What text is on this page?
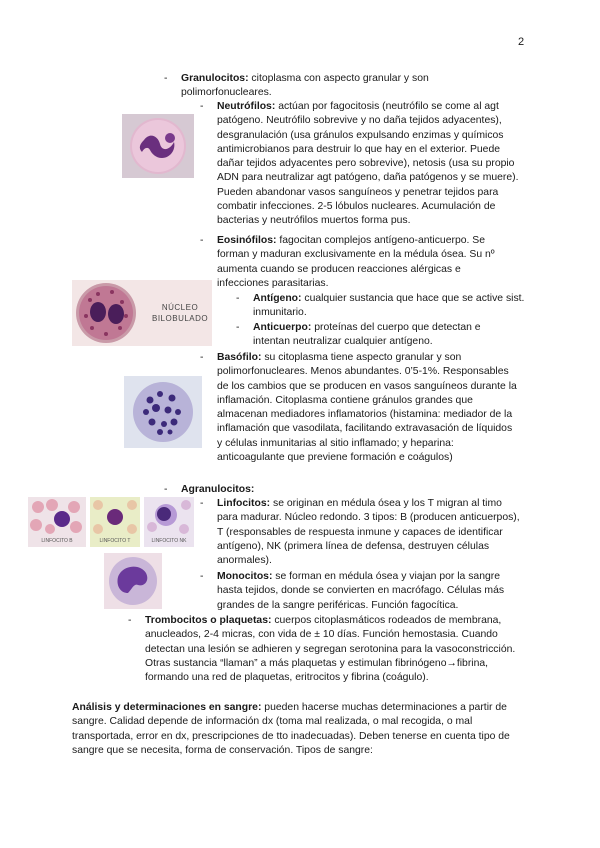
2
- Granulocitos: citoplasma con aspecto granular y son polimorfonucleares.
- Neutrófilos: actúan por fagocitosis (neutrófilo se come al agt patógeno. Neutrófilo sobrevive y no daña tejidos adyacentes), desgranulación (usa gránulos expulsando enzimas y químicos antimicrobianos para destruir lo que hay en el exterior. Puede dañar tejidos adyacentes pero sobrevive), netosis (usa su propio ADN para neutralizar agt patógeno, daña patógenos y se muere). Pueden abandonar vasos sanguíneos y penetrar tejidos para combatir infecciones. 2-5 lóbulos nucleares. Acumulación de bacterias y neutrófilos muertos forma pus.
- Eosinófilos: fagocitan complejos antígeno-anticuerpo. Se forman y maduran exclusivamente en la médula ósea. Su nº aumenta cuando se producen reacciones alérgicas e infecciones parasitarias.
NÚCLEO BILOBULADO
- Antígeno: cualquier sustancia que hace que se active sist. inmunitario.
- Anticuerpo: proteínas del cuerpo que detectan e intentan neutralizar cualquier antígeno.
- Basófilo: su citoplasma tiene aspecto granular y son polimorfonucleares. Menos abundantes. 0’5-1%. Responsables de los cambios que se producen en vasos sanguíneos durante la inflamación. Citoplasma contiene gránulos grandes que almacenan mediadores inflamatorios (histamina: mediador de la inflamación que vasodilata, facilitando extravasación de líquidos y células inmunitarias al sitio inflamado; y heparina: anticoagulante que previene formación e coágulos)
- Agranulocitos:
LINFOCITO B	LINFOCITO T	LINFOCITO NK
- Linfocitos: se originan en médula ósea y los T migran al timo para madurar. Núcleo redondo. 3 tipos: B (producen anticuerpos), T (responsables de respuesta inmune y capaces de identificar antígeno), NK (primera línea de defensa, destruyen células anormales).
- Monocitos: se forman en médula ósea y viajan por la sangre hasta tejidos, donde se convierten en macrófago. Células más grandes de la sangre periféricas. Función fagocítica.
- Trombocitos o plaquetas: cuerpos citoplasmáticos rodeados de membrana, anucleados, 2-4 micras, con vida de ± 10 días. Función hemostasia. Cuando detectan una lesión se adhieren y segregan serotonina para la vasoconstricción. Otras sustancia “llaman” a más plaquetas y estimulan fibrinógeno→fibrina, formando una red de plaquetas, eritrocitos y fibrina (coágulo).
Análisis y determinaciones en sangre: pueden hacerse muchas determinaciones a partir de sangre. Calidad depende de información dx (toma mal realizada, o mal recogida, o mal transportada, error en dx, prescripciones de tto inadecuadas). Deben tenerse en cuenta tipo de sangre que se necesita, forma de conservación. Tipos de sangre:
